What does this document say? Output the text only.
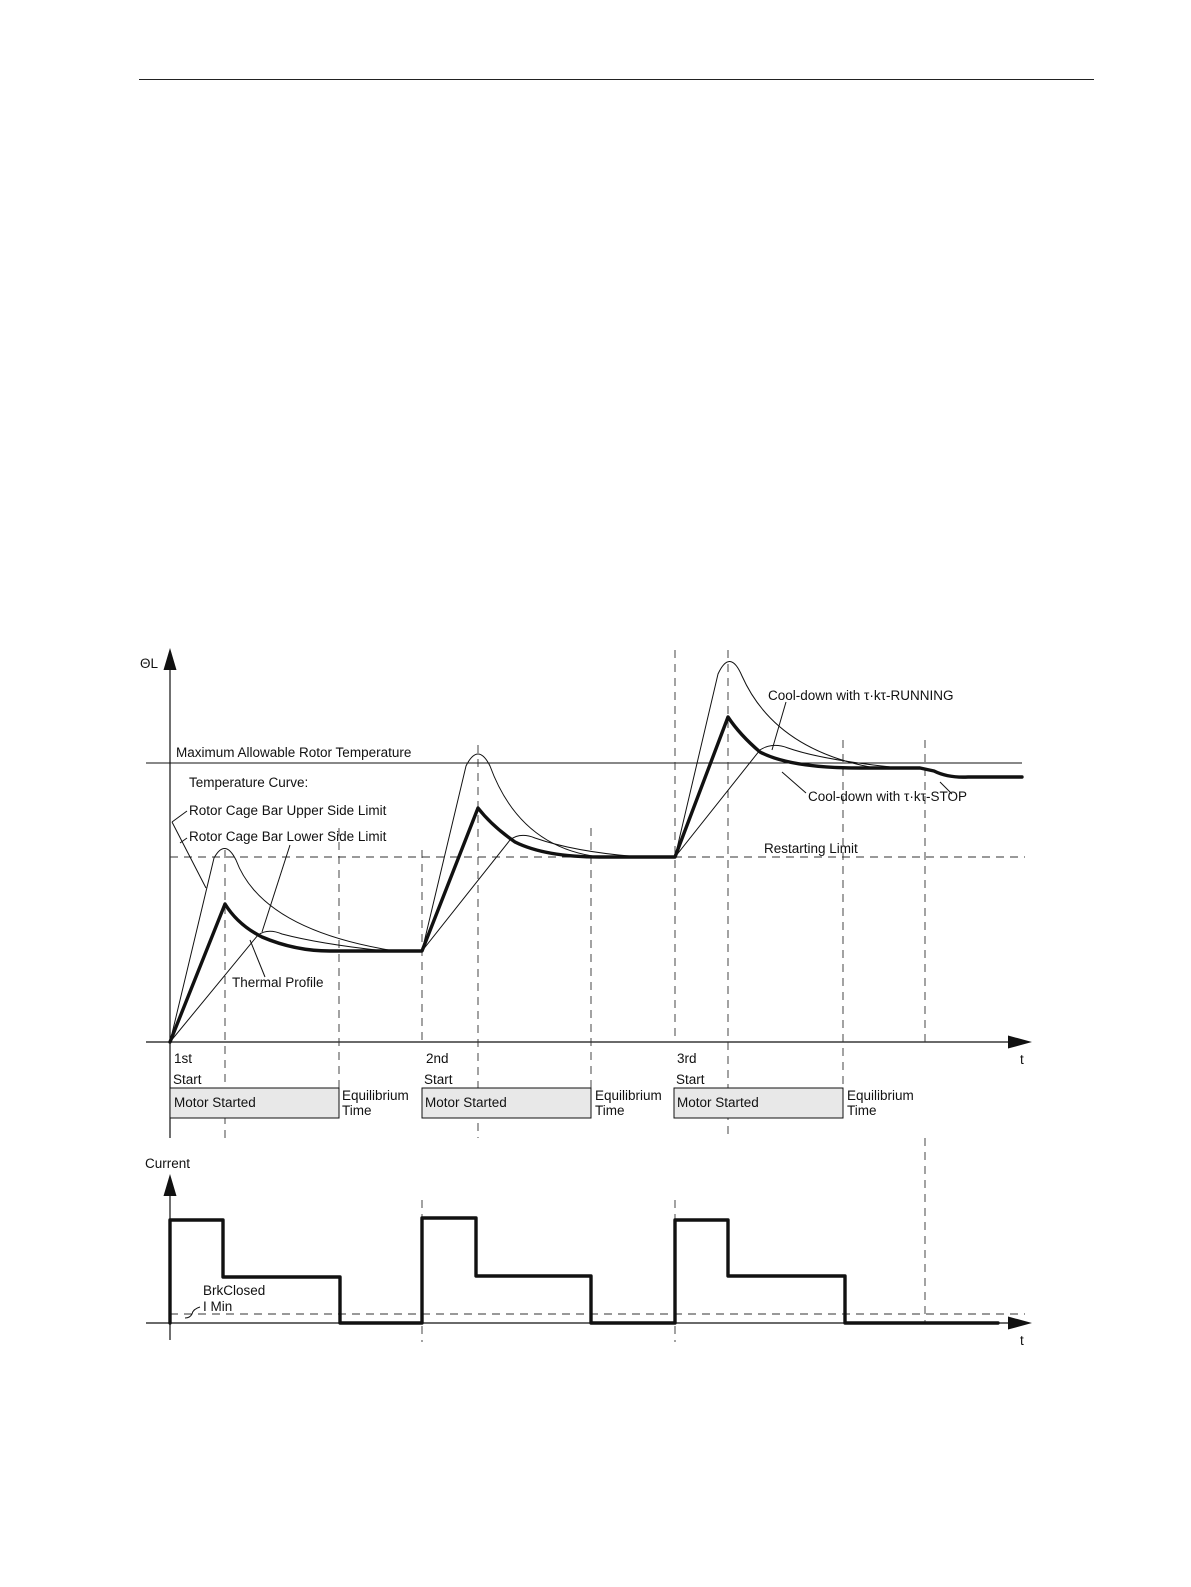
ΘL
t
Maximum Allowable Rotor Temperature
Temperature Curve:
Rotor Cage Bar Upper Side Limit
Rotor Cage Bar Lower Side Limit
Thermal Profile
Restarting Limit
Cool-down with τ·kτ-RUNNING
Cool-down with τ·kτ-STOP
1st
Start
Motor Started	Equilibrium
Time
2nd
Start
Motor Started	Equilibrium
Time
3rd
Start
Motor Started	Equilibrium
Time
Current
t
BrkClosed
I Min
